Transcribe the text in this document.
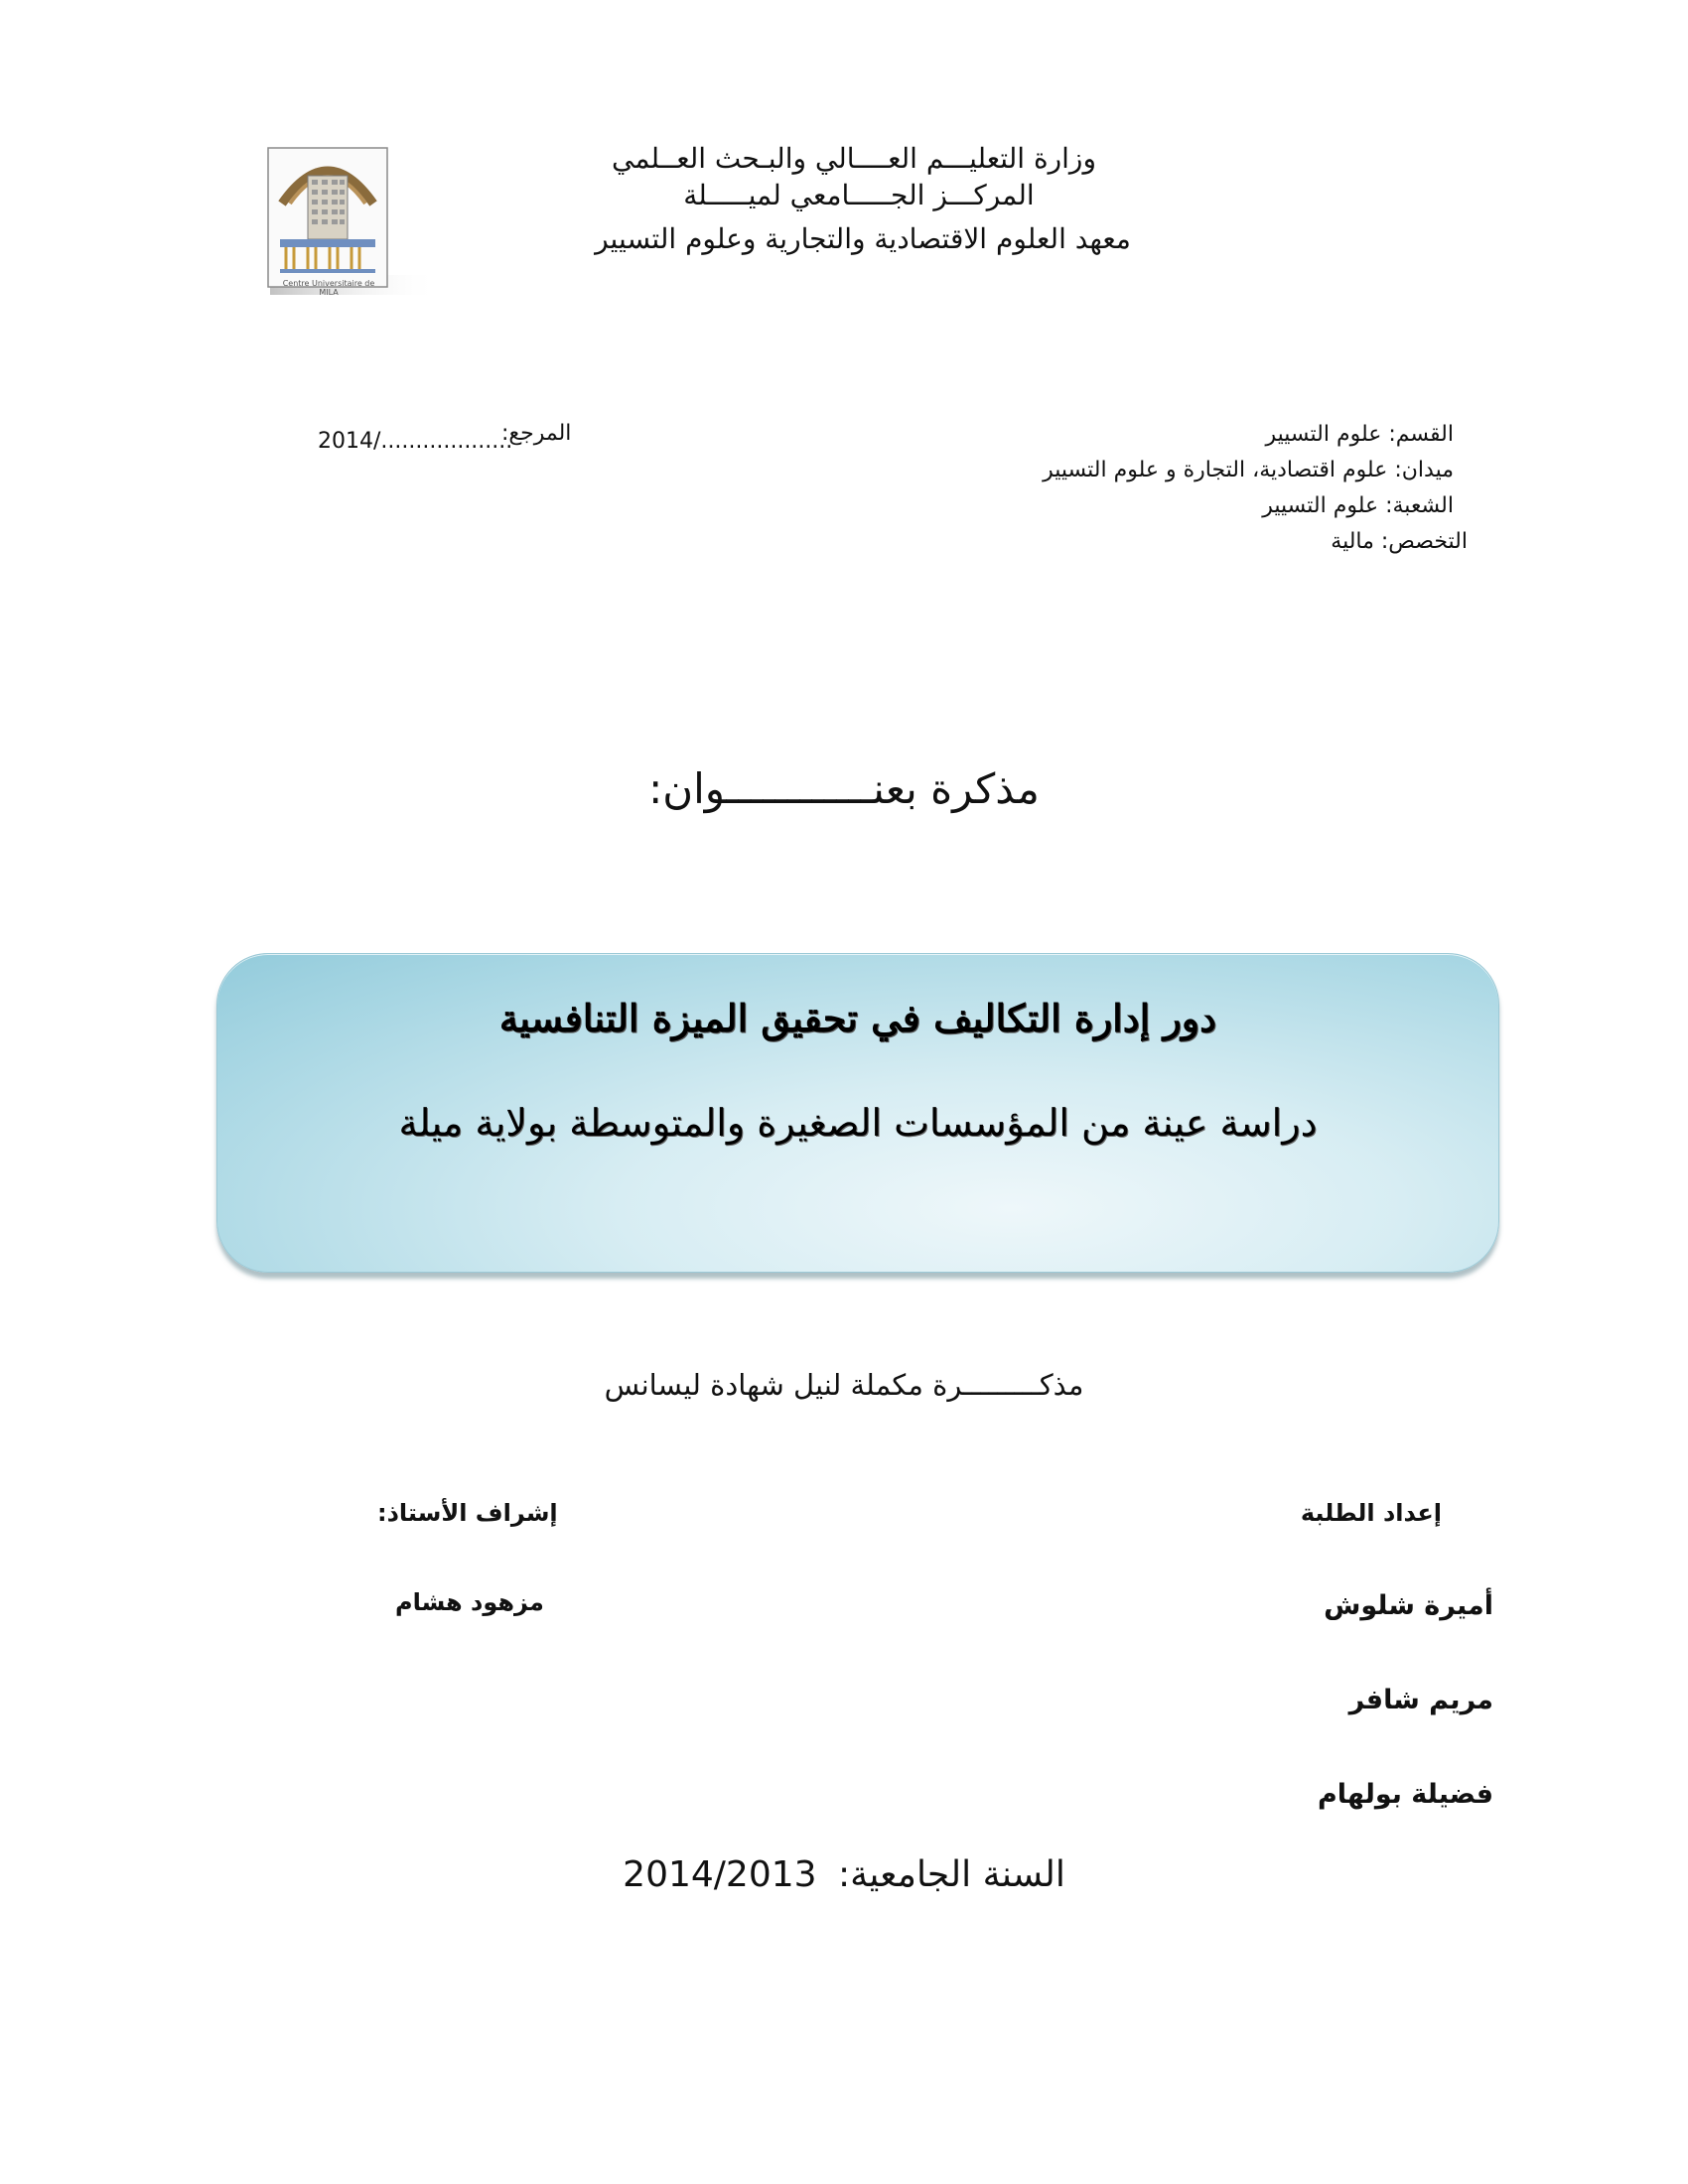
Centre Universitaire de MILA
وزارة التعليـــم العــــالي والبـحث العــلمي
المركـــز الجـــــامعي لميـــــلة
معهد العلوم الاقتصادية والتجارية وعلوم التسيير
القسم: علوم التسيير
ميدان: علوم اقتصادية، التجارة و علوم التسيير
الشعبة: علوم التسيير
التخصص: مالية
المرجع:
2014/...................
مذكرة بعنــــــــــــوان:
دور إدارة التكاليف في تحقيق الميزة التنافسية
دراسة عينة من المؤسسات الصغيرة والمتوسطة بولاية ميلة
مذكـــــــــرة مكملة لنيل شهادة ليسانس
إعداد الطلبة
إشراف الأستاذ:
أميرة شلوش
مريم شافر
فضيلة بولهام
مزهود هشام
السنة الجامعية: 2014/2013
